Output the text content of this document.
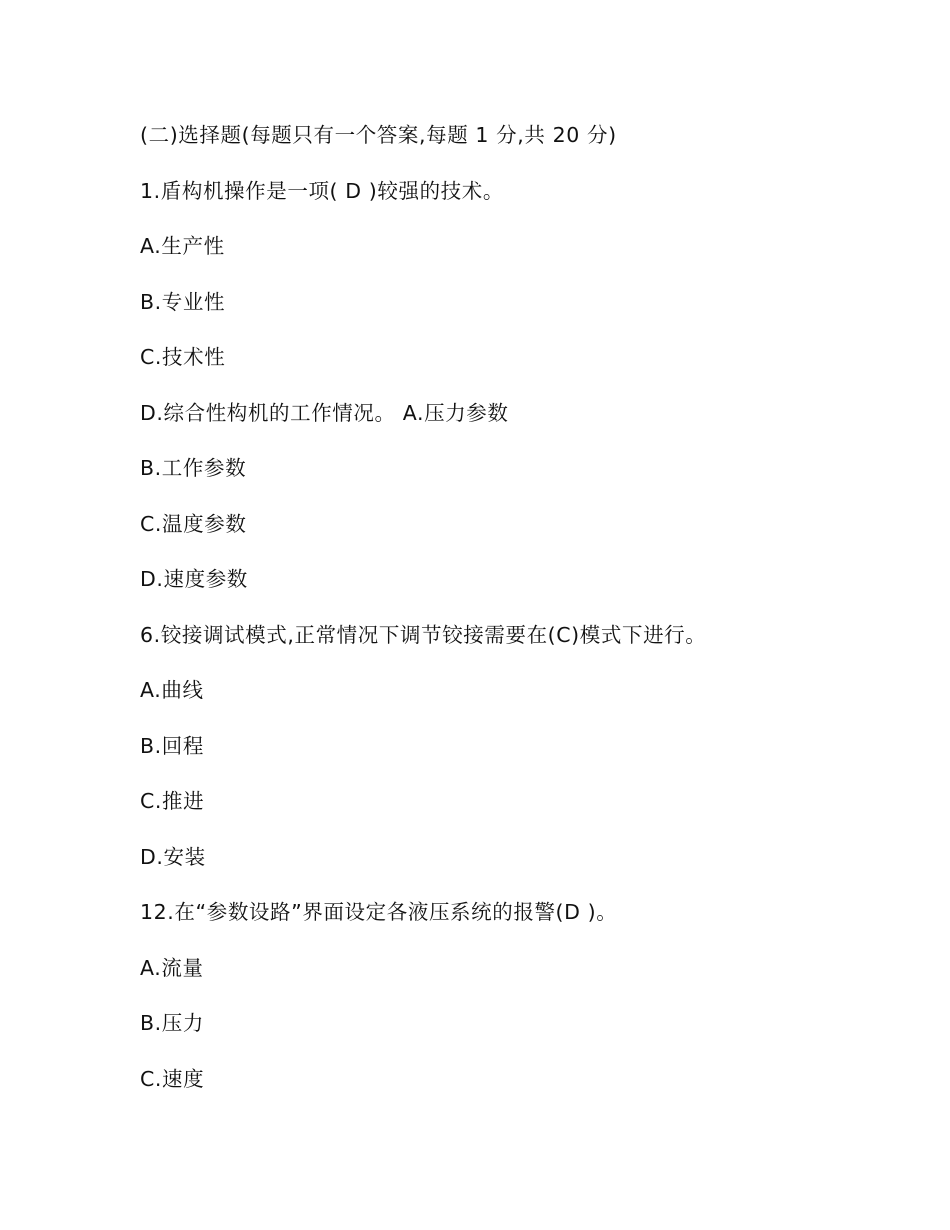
(二)选择题(每题只有一个答案,每题 1 分,共 20 分)
1.盾构机操作是一项( D )较强的技术。
A.生产性
B.专业性
C.技术性
D.综合性构机的工作情况。 A.压力参数
B.工作参数
C.温度参数
D.速度参数
6.铰接调试模式,正常情况下调节铰接需要在(C)模式下进行。
A.曲线
B.回程
C.推进
D.安装
12.在“参数设路”界面设定各液压系统的报警(D )。
A.流量
B.压力
C.速度
